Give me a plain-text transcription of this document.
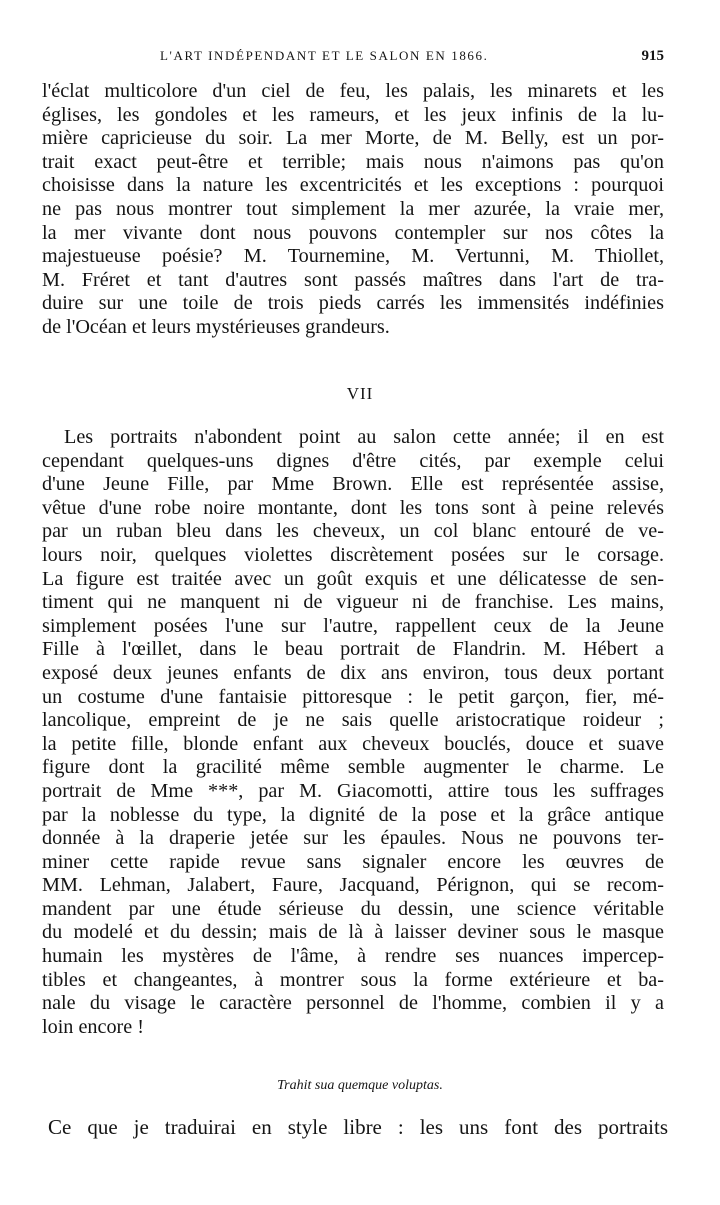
L'ART INDÉPENDANT ET LE SALON EN 1866.	915
l'éclat multicolore d'un ciel de feu, les palais, les minarets et les
églises, les gondoles et les rameurs, et les jeux infinis de la lu-
mière capricieuse du soir. La mer Morte, de M. Belly, est un por-
trait exact peut-être et terrible; mais nous n'aimons pas qu'on
choisisse dans la nature les excentricités et les exceptions : pourquoi
ne pas nous montrer tout simplement la mer azurée, la vraie mer,
la mer vivante dont nous pouvons contempler sur nos côtes la
majestueuse poésie? M. Tournemine, M. Vertunni, M. Thiollet,
M. Fréret et tant d'autres sont passés maîtres dans l'art de tra-
duire sur une toile de trois pieds carrés les immensités indéfinies
de l'Océan et leurs mystérieuses grandeurs.
VII
Les portraits n'abondent point au salon cette année; il en est
cependant quelques-uns dignes d'être cités, par exemple celui
d'une Jeune Fille, par Mme Brown. Elle est représentée assise,
vêtue d'une robe noire montante, dont les tons sont à peine relevés
par un ruban bleu dans les cheveux, un col blanc entouré de ve-
lours noir, quelques violettes discrètement posées sur le corsage.
La figure est traitée avec un goût exquis et une délicatesse de sen-
timent qui ne manquent ni de vigueur ni de franchise. Les mains,
simplement posées l'une sur l'autre, rappellent ceux de la Jeune
Fille à l'œillet, dans le beau portrait de Flandrin. M. Hébert a
exposé deux jeunes enfants de dix ans environ, tous deux portant
un costume d'une fantaisie pittoresque : le petit garçon, fier, mé-
lancolique, empreint de je ne sais quelle aristocratique roideur ;
la petite fille, blonde enfant aux cheveux bouclés, douce et suave
figure dont la gracilité même semble augmenter le charme. Le
portrait de Mme ***, par M. Giacomotti, attire tous les suffrages
par la noblesse du type, la dignité de la pose et la grâce antique
donnée à la draperie jetée sur les épaules. Nous ne pouvons ter-
miner cette rapide revue sans signaler encore les œuvres de
MM. Lehman, Jalabert, Faure, Jacquand, Pérignon, qui se recom-
mandent par une étude sérieuse du dessin, une science véritable
du modelé et du dessin; mais de là à laisser deviner sous le masque
humain les mystères de l'âme, à rendre ses nuances impercep-
tibles et changeantes, à montrer sous la forme extérieure et ba-
nale du visage le caractère personnel de l'homme, combien il y a
loin encore !
Trahit sua quemque voluptas.
Ce que je traduirai en style libre : les uns font des portraits
